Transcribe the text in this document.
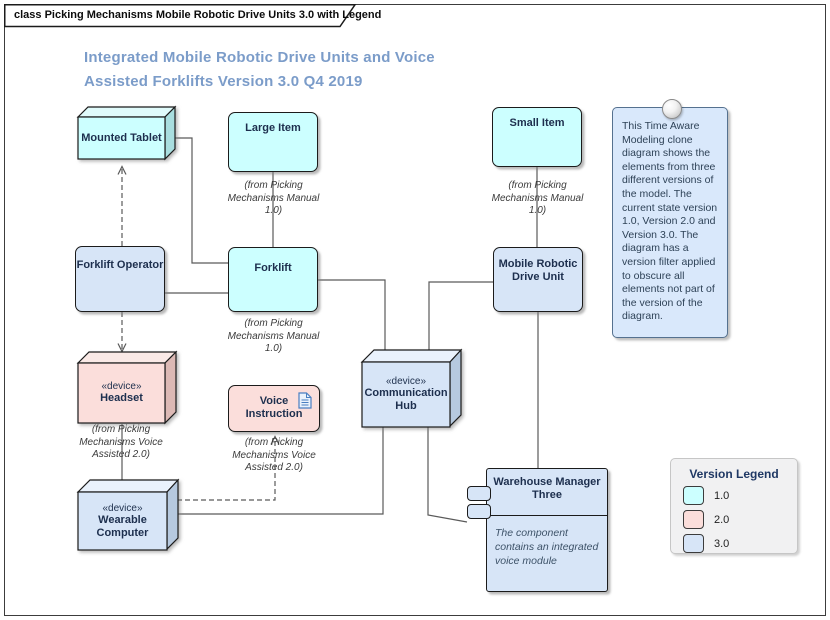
class Picking Mechanisms Mobile Robotic Drive Units 3.0 with Legend
Integrated Mobile Robotic Drive Units and Voice
Assisted Forklifts Version 3.0 Q4 2019
Mounted Tablet
Large Item
(from Picking Mechanisms Manual 1.0)
Small Item
(from Picking Mechanisms Manual 1.0)
Forklift Operator	Forklift
(from Picking Mechanisms Manual 1.0)
Mobile Robotic Drive Unit
«device»
Headset
(from Picking Mechanisms Voice Assisted 2.0)
Voice Instruction
(from Picking Mechanisms Voice Assisted 2.0)
«device»
Communication Hub
«device»
Wearable Computer
Warehouse Manager Three
The component contains an integrated voice module
This Time Aware Modeling clone diagram shows the elements from three different versions of the model. The current state version 1.0, Version 2.0 and Version 3.0. The diagram has a version filter applied to obscure all elements not part of the version of the diagram.
Version Legend
1.0
2.0
3.0
